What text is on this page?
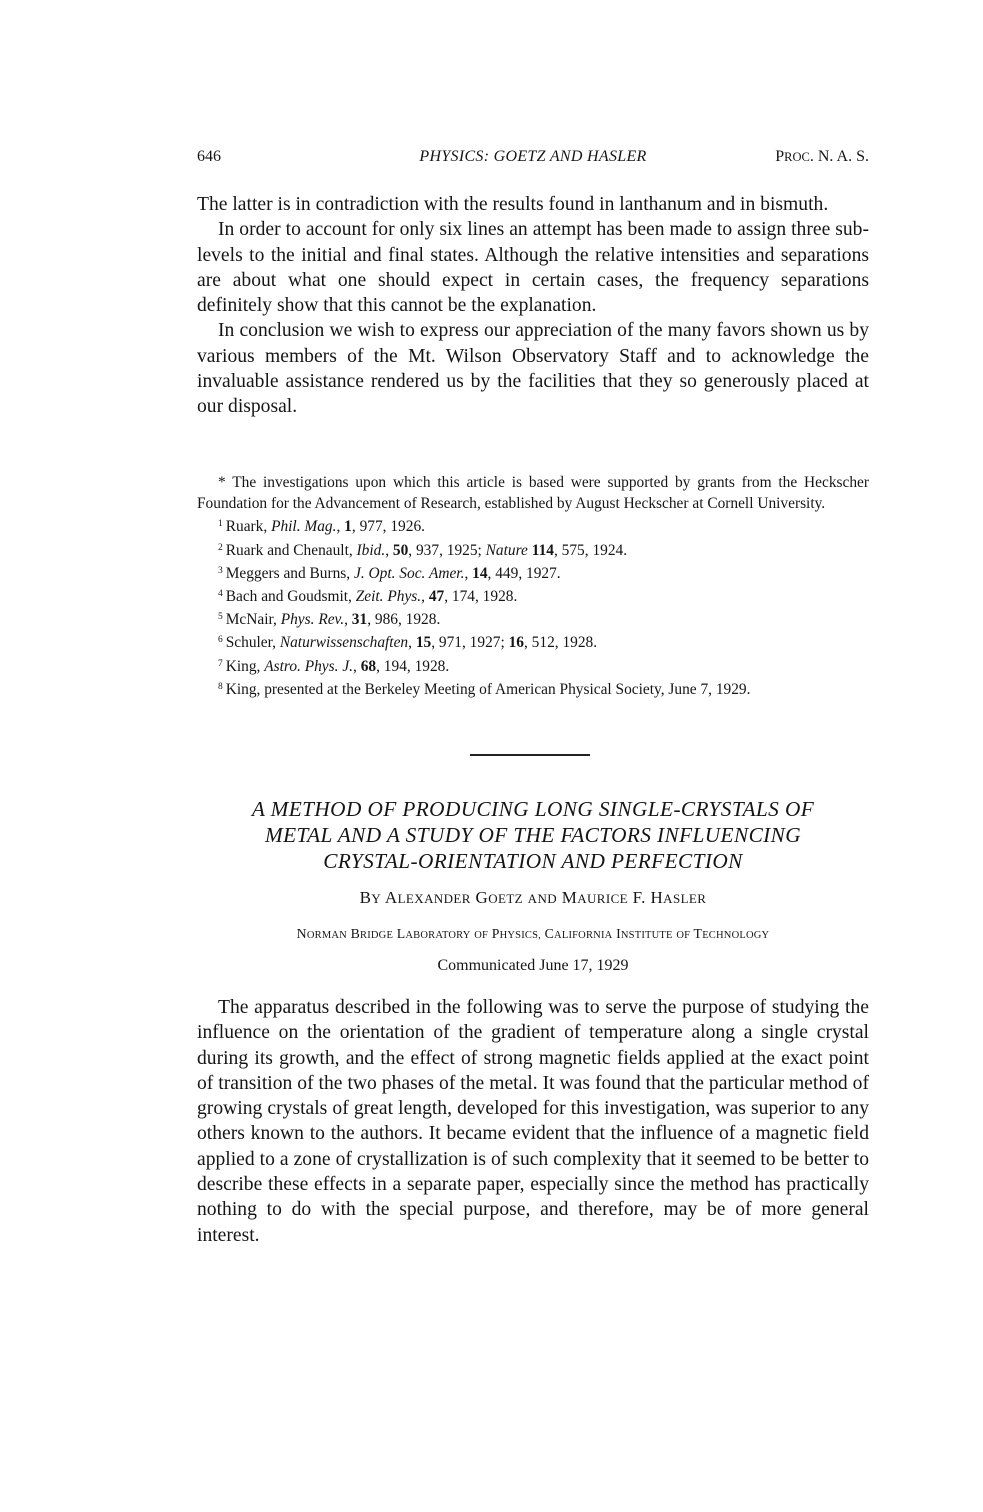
646	PHYSICS: GOETZ AND HASLER	PROC. N. A. S.

The latter is in contradiction with the results found in lanthanum and in bismuth.

In order to account for only six lines an attempt has been made to assign three sub-levels to the initial and final states. Although the relative intensities and separations are about what one should expect in certain cases, the frequency separations definitely show that this cannot be the explanation.

In conclusion we wish to express our appreciation of the many favors shown us by various members of the Mt. Wilson Observatory Staff and to acknowledge the invaluable assistance rendered us by the facilities that they so generously placed at our disposal.

* The investigations upon which this article is based were supported by grants from the Heckscher Foundation for the Advancement of Research, established by August Heckscher at Cornell University.

$^1$ Ruark, Phil. Mag., 1, 977, 1926.

$^2$ Ruark and Chenault, Ibid., 50, 937, 1925; Nature 114, 575, 1924.

$^3$ Meggers and Burns, J. Opt. Soc. Amer., 14, 449, 1927.

$^4$ Bach and Goudsmit, Zeit. Phys., 47, 174, 1928.

$^5$ McNair, Phys. Rev., 31, 986, 1928.

$^6$ Schuler, Naturwissenschaften, 15, 971, 1927; 16, 512, 1928.

$^7$ King, Astro. Phys. J., 68, 194, 1928.

$^8$ King, presented at the Berkeley Meeting of American Physical Society, June 7, 1929.

A METHOD OF PRODUCING LONG SINGLE-CRYSTALS OF
METAL AND A STUDY OF THE FACTORS INFLUENCING
CRYSTAL-ORIENTATION AND PERFECTION
BY ALEXANDER GOETZ AND MAURICE F. HASLER
NORMAN BRIDGE LABORATORY OF PHYSICS, CALIFORNIA INSTITUTE OF TECHNOLOGY
Communicated June 17, 1929

The apparatus described in the following was to serve the purpose of studying the influence on the orientation of the gradient of temperature along a single crystal during its growth, and the effect of strong magnetic fields applied at the exact point of transition of the two phases of the metal. It was found that the particular method of growing crystals of great length, developed for this investigation, was superior to any others known to the authors. It became evident that the influence of a magnetic field applied to a zone of crystallization is of such complexity that it seemed to be better to describe these effects in a separate paper, especially since the method has practically nothing to do with the special purpose, and therefore, may be of more general interest.
